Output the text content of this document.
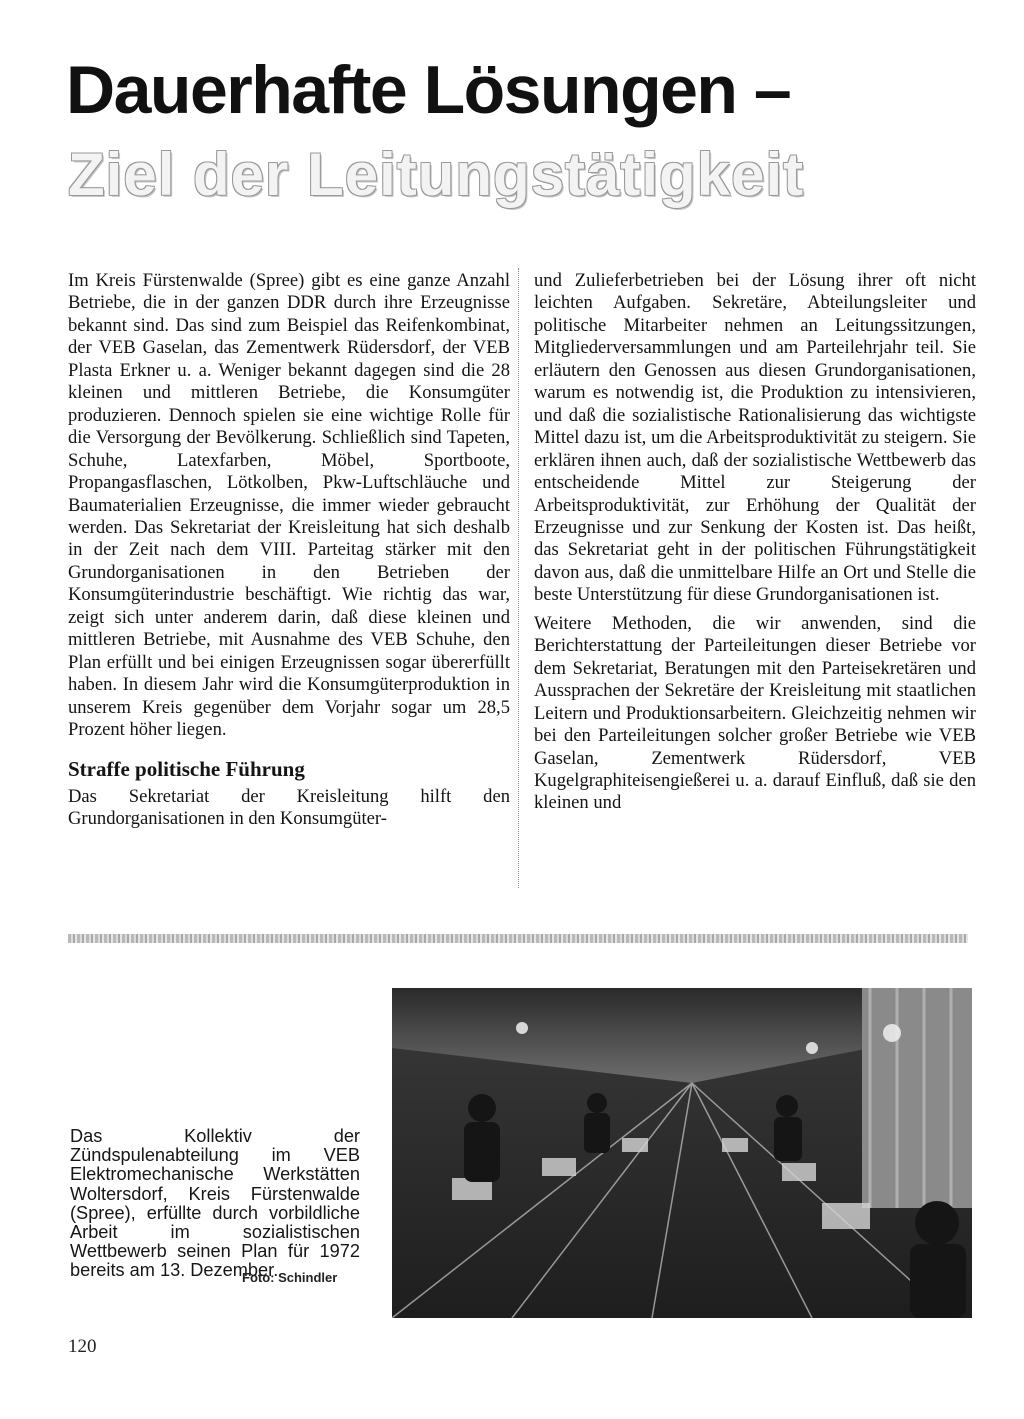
Dauerhafte Lösungen –
Ziel der Leitungstätigkeit

Im Kreis Fürstenwalde (Spree) gibt es eine ganze Anzahl Betriebe, die in der ganzen DDR durch ihre Erzeugnisse bekannt sind. Das sind zum Beispiel das Reifenkombinat, der VEB Gaselan, das Zementwerk Rüdersdorf, der VEB Plasta Erkner u. a. Weniger bekannt dagegen sind die 28 kleinen und mittleren Betriebe, die Konsumgüter produzieren. Dennoch spielen sie eine wichtige Rolle für die Versorgung der Bevölkerung. Schließlich sind Tapeten, Schuhe, Latexfarben, Möbel, Sportboote, Propangasflaschen, Lötkolben, Pkw-Luftschläuche und Baumaterialien Erzeugnisse, die immer wieder gebraucht werden. Das Sekretariat der Kreisleitung hat sich deshalb in der Zeit nach dem VIII. Parteitag stärker mit den Grundorganisationen in den Betrieben der Konsumgüterindustrie beschäftigt. Wie richtig das war, zeigt sich unter anderem darin, daß diese kleinen und mittleren Betriebe, mit Ausnahme des VEB Schuhe, den Plan erfüllt und bei einigen Erzeugnissen sogar übererfüllt haben. In diesem Jahr wird die Konsumgüterproduktion in unserem Kreis gegenüber dem Vorjahr sogar um 28,5 Prozent höher liegen.

Straffe politische Führung

Das Sekretariat der Kreisleitung hilft den Grundorganisationen in den Konsumgüter-

und Zulieferbetrieben bei der Lösung ihrer oft nicht leichten Aufgaben. Sekretäre, Abteilungsleiter und politische Mitarbeiter nehmen an Leitungssitzungen, Mitgliederversammlungen und am Parteilehrjahr teil. Sie erläutern den Genossen aus diesen Grundorganisationen, warum es notwendig ist, die Produktion zu intensivieren, und daß die sozialistische Rationalisierung das wichtigste Mittel dazu ist, um die Arbeitsproduktivität zu steigern. Sie erklären ihnen auch, daß der sozialistische Wettbewerb das entscheidende Mittel zur Steigerung der Arbeitsproduktivität, zur Erhöhung der Qualität der Erzeugnisse und zur Senkung der Kosten ist. Das heißt, das Sekretariat geht in der politischen Führungstätigkeit davon aus, daß die unmittelbare Hilfe an Ort und Stelle die beste Unterstützung für diese Grundorganisationen ist.

Weitere Methoden, die wir anwenden, sind die Berichterstattung der Parteileitungen dieser Betriebe vor dem Sekretariat, Beratungen mit den Parteisekretären und Aussprachen der Sekretäre der Kreisleitung mit staatlichen Leitern und Produktionsarbeitern. Gleichzeitig nehmen wir bei den Parteileitungen solcher großer Betriebe wie VEB Gaselan, Zementwerk Rüdersdorf, VEB Kugelgraphiteisengießerei u. a. darauf Einfluß, daß sie den kleinen und

Das Kollektiv der Zündspulenabteilung im VEB Elektromechanische Werkstätten Woltersdorf, Kreis Fürstenwalde (Spree), erfüllte durch vorbildliche Arbeit im sozialistischen Wettbewerb seinen Plan für 1972 bereits am 13. Dezember.

Foto: Schindler

120
